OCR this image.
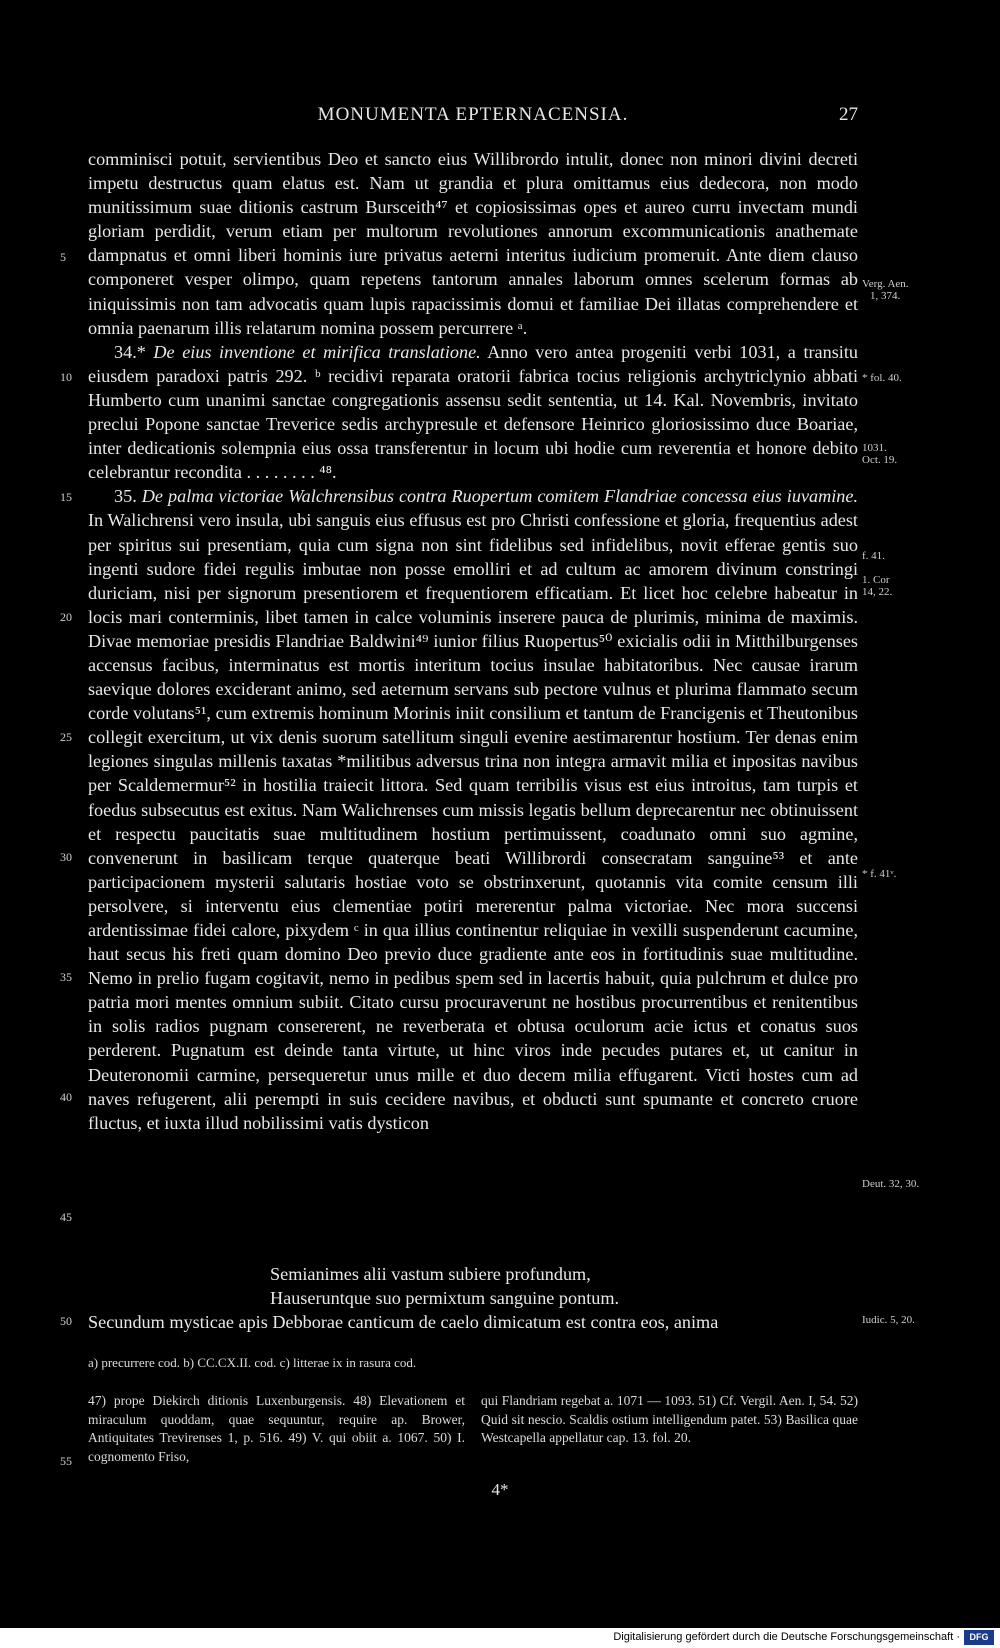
MONUMENTA EPTERNACENSIA.	27

comminisci potuit, servientibus Deo et sancto eius Willibrordo intulit, donec non minori divini decreti impetu destructus quam elatus est. Nam ut grandia et plura omittamus eius dedecora, non modo munitissimum suae ditionis castrum Bursceith⁴⁷ et copiosissimas opes et aureo curru invectam mundi gloriam perdidit, verum etiam per multorum revolutiones annorum excommunicationis anathemate dampnatus et omni liberi hominis iure privatus aeterni interitus iudicium promeruit. Ante diem clauso componeret vesper olimpo, quam repetens tantorum annales laborum omnes scelerum formas ab iniquissimis non tam advocatis quam lupis rapacissimis domui et familiae Dei illatas comprehendere et omnia paenarum illis relatarum nomina possem percurrere ᵃ.

34.* De eius inventione et mirifica translatione. Anno vero antea progeniti verbi 1031, a transitu eiusdem paradoxi patris 292. ᵇ recidivi reparata oratorii fabrica tocius religionis archytriclynio abbati Humberto cum unanimi sanctae congregationis assensu sedit sententia, ut 14. Kal. Novembris, invitato preclui Popone sanctae Treverice sedis archypresule et defensore Heinrico gloriosissimo duce Boariae, inter dedicationis solempnia eius ossa transferentur in locum ubi hodie cum reverentia et honore debito celebrantur recondita . . . . . . . . ⁴⁸.

35. De palma victoriae Walchrensibus contra Ruopertum comitem Flandriae concessa eius iuvamine. In Walichrensi vero insula, ubi sanguis eius effusus est pro Christi confessione et gloria, frequentius adest per spiritus sui presentiam, quia cum signa non sint fidelibus sed infidelibus, novit efferae gentis suo ingenti sudore fidei regulis imbutae non posse emolliri et ad cultum ac amorem divinum constringi duriciam, nisi per signorum presentiorem et frequentiorem efficatiam. Et licet hoc celebre habeatur in locis mari conterminis, libet tamen in calce voluminis inserere pauca de plurimis, minima de maximis. Divae memoriae presidis Flandriae Baldwini⁴⁹ iunior filius Ruopertus⁵⁰ exicialis odii in Mitthilburgenses accensus facibus, interminatus est mortis interitum tocius insulae habitatoribus. Nec causae irarum saevique dolores exciderant animo, sed aeternum servans sub pectore vulnus et plurima flammato secum corde volutans⁵¹, cum extremis hominum Morinis iniit consilium et tantum de Francigenis et Theutonibus collegit exercitum, ut vix denis suorum satellitum singuli evenire aestimarentur hostium. Ter denas enim legiones singulas millenis taxatas *militibus adversus trina non integra armavit milia et inpositas navibus per Scaldemermur⁵² in hostilia traiecit littora. Sed quam terribilis visus est eius introitus, tam turpis et foedus subsecutus est exitus. Nam Walichrenses cum missis legatis bellum deprecarentur nec obtinuissent et respectu paucitatis suae multitudinem hostium pertimuissent, coadunato omni suo agmine, convenerunt in basilicam terque quaterque beati Willibrordi consecratam sanguine⁵³ et ante participacionem mysterii salutaris hostiae voto se obstrinxerunt, quotannis vita comite censum illi persolvere, si interventu eius clementiae potiri mererentur palma victoriae. Nec mora succensi ardentissimae fidei calore, pixydem ᶜ in qua illius continentur reliquiae in vexilli suspenderunt cacumine, haut secus his freti quam domino Deo previo duce gradiente ante eos in fortitudinis suae multitudine. Nemo in prelio fugam cogitavit, nemo in pedibus spem sed in lacertis habuit, quia pulchrum et dulce pro patria mori mentes omnium subiit. Citato cursu procuraverunt ne hostibus procurrentibus et renitentibus in solis radios pugnam consererent, ne reverberata et obtusa oculorum acie ictus et conatus suos perderent. Pugnatum est deinde tanta virtute, ut hinc viros inde pecudes putares et, ut canitur in Deuteronomii carmine, persequeretur unus mille et duo decem milia effugarent. Victi hostes cum ad naves refugerent, alii perempti in suis cecidere navibus, et obducti sunt spumante et concreto cruore fluctus, et iuxta illud nobilissimi vatis dysticon

Semianimes alii vastum subiere profundum,
Hauseruntque suo permixtum sanguine pontum.
Secundum mysticae apis Debborae canticum de caelo dimicatum est contra eos, anima
5
10
15
20
25
30
35
40
45
50
55
Verg. Aen.
1, 374.
* fol. 40.
1031.
Oct. 19.
f. 41.
1. Cor
14, 22.
* f. 41ᵛ.
Deut. 32, 30.
Iudic. 5, 20.
a) precurrere cod. b) CC.CX.II. cod. c) litterae ix in rasura cod.
47) prope Diekirch ditionis Luxenburgensis. 48) Elevationem et miraculum quoddam, quae sequuntur, require ap. Brower, Antiquitates Trevirenses 1, p. 516. 49) V. qui obiit a. 1067. 50) I. cognomento Friso,
qui Flandriam regebat a. 1071 — 1093. 51) Cf. Vergil. Aen. I, 54. 52) Quid sit nescio. Scaldis ostium intelligendum patet. 53) Basilica quae Westcapella appellatur cap. 13. fol. 20.
4*
Digitalisierung gefördert durch die Deutsche Forschungsgemeinschaft ·	DFG
